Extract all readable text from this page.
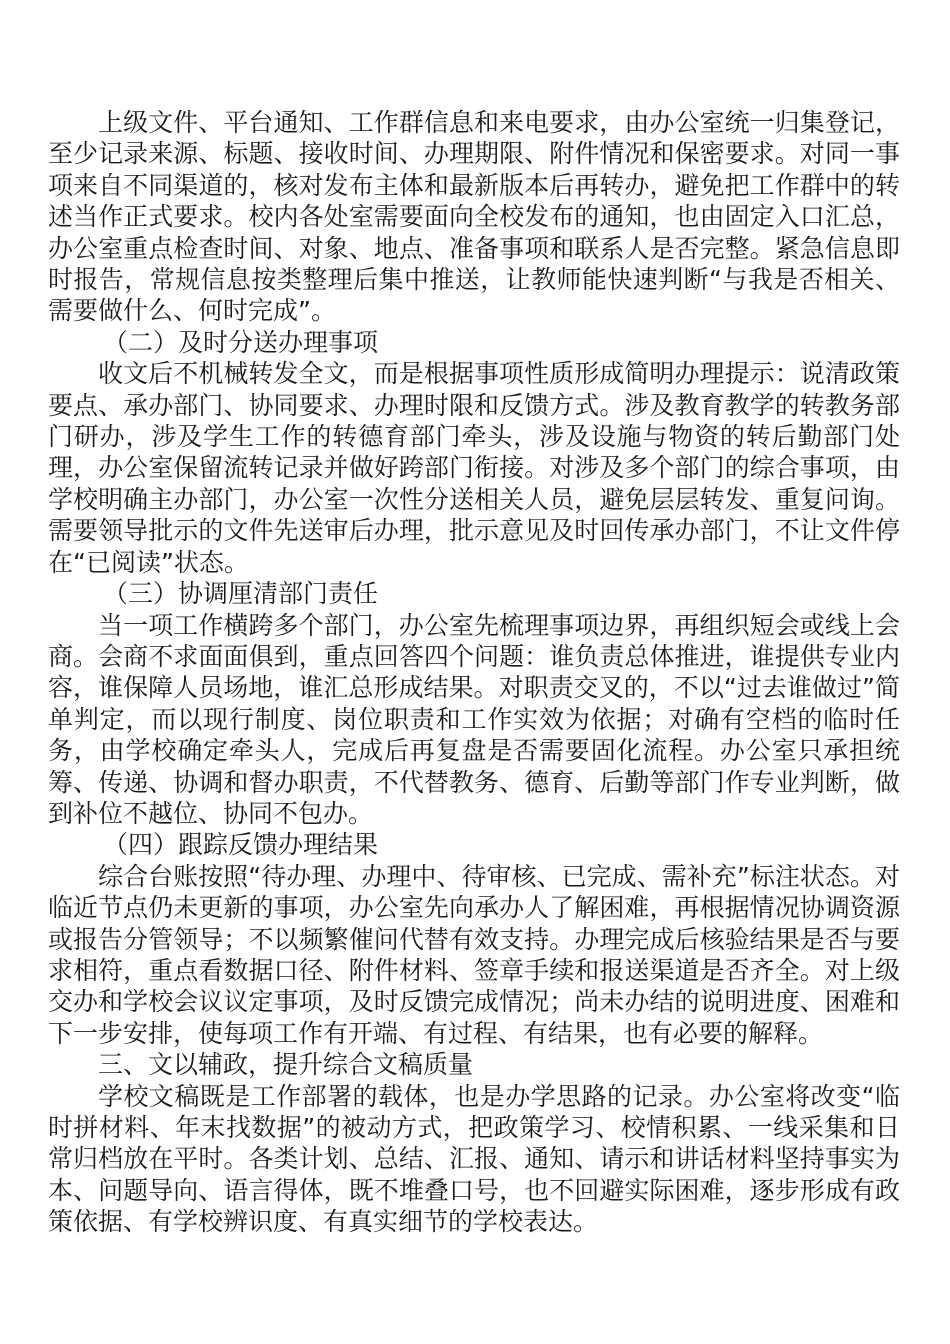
上级文件、平台通知、工作群信息和来电要求，由办公室统一归集登记，至少记录来源、标题、接收时间、办理期限、附件情况和保密要求。对同一事项来自不同渠道的，核对发布主体和最新版本后再转办，避免把工作群中的转述当作正式要求。校内各处室需要面向全校发布的通知，也由固定入口汇总，办公室重点检查时间、对象、地点、准备事项和联系人是否完整。紧急信息即时报告，常规信息按类整理后集中推送，让教师能快速判断“与我是否相关、需要做什么、何时完成”。

（二）及时分送办理事项

收文后不机械转发全文，而是根据事项性质形成简明办理提示：说清政策要点、承办部门、协同要求、办理时限和反馈方式。涉及教育教学的转教务部门研办，涉及学生工作的转德育部门牵头，涉及设施与物资的转后勤部门处理，办公室保留流转记录并做好跨部门衔接。对涉及多个部门的综合事项，由学校明确主办部门，办公室一次性分送相关人员，避免层层转发、重复问询。需要领导批示的文件先送审后办理，批示意见及时回传承办部门，不让文件停在“已阅读”状态。

（三）协调厘清部门责任

当一项工作横跨多个部门，办公室先梳理事项边界，再组织短会或线上会商。会商不求面面俱到，重点回答四个问题：谁负责总体推进，谁提供专业内容，谁保障人员场地，谁汇总形成结果。对职责交叉的，不以“过去谁做过”简单判定，而以现行制度、岗位职责和工作实效为依据；对确有空档的临时任务，由学校确定牵头人，完成后再复盘是否需要固化流程。办公室只承担统筹、传递、协调和督办职责，不代替教务、德育、后勤等部门作专业判断，做到补位不越位、协同不包办。

（四）跟踪反馈办理结果

综合台账按照“待办理、办理中、待审核、已完成、需补充”标注状态。对临近节点仍未更新的事项，办公室先向承办人了解困难，再根据情况协调资源或报告分管领导；不以频繁催问代替有效支持。办理完成后核验结果是否与要求相符，重点看数据口径、附件材料、签章手续和报送渠道是否齐全。对上级交办和学校会议议定事项，及时反馈完成情况；尚未办结的说明进度、困难和下一步安排，使每项工作有开端、有过程、有结果，也有必要的解释。

三、文以辅政，提升综合文稿质量

学校文稿既是工作部署的载体，也是办学思路的记录。办公室将改变“临时拼材料、年末找数据”的被动方式，把政策学习、校情积累、一线采集和日常归档放在平时。各类计划、总结、汇报、通知、请示和讲话材料坚持事实为本、问题导向、语言得体，既不堆叠口号，也不回避实际困难，逐步形成有政策依据、有学校辨识度、有真实细节的学校表达。
